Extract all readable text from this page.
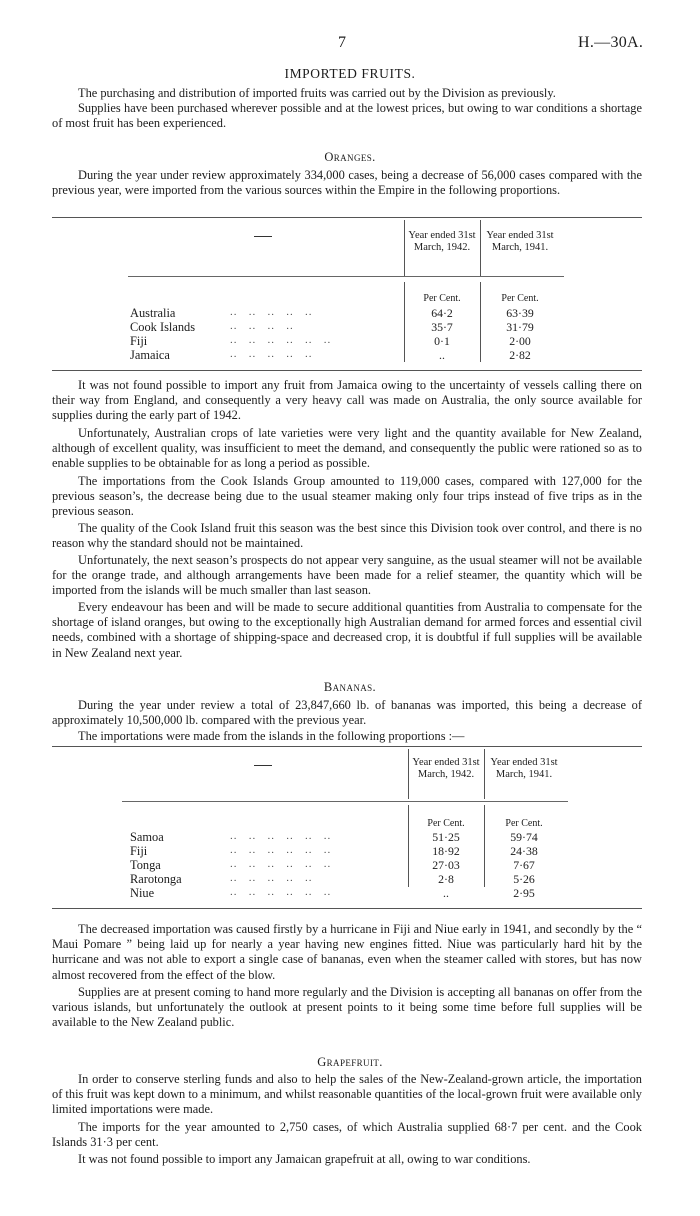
7	H.—30A.
IMPORTED FRUITS.
The purchasing and distribution of imported fruits was carried out by the Division as previously.
Supplies have been purchased wherever possible and at the lowest prices, but owing to war conditions a shortage of most fruit has been experienced.
Oranges.
During the year under review approximately 334,000 cases, being a decrease of 56,000 cases compared with the previous year, were imported from the various sources within the Empire in the following proportions.
Year ended 31st March, 1942.
Year ended 31st March, 1941.
Per Cent.	Per Cent.
Australia	..   ..   ..   ..   ..	64·2	63·39
Cook Islands	..   ..   ..   ..	35·7	31·79
Fiji	..   ..   ..   ..   ..   ..	0·1	2·00
Jamaica	..   ..   ..   ..   ..	..	2·82
It was not found possible to import any fruit from Jamaica owing to the uncertainty of vessels calling there on their way from England, and consequently a very heavy call was made on Australia, the only source available for supplies during the early part of 1942.
Unfortunately, Australian crops of late varieties were very light and the quantity available for New Zealand, although of excellent quality, was insufficient to meet the demand, and consequently the public were rationed so as to enable supplies to be obtainable for as long a period as possible.
The importations from the Cook Islands Group amounted to 119,000 cases, compared with 127,000 for the previous season’s, the decrease being due to the usual steamer making only four trips instead of five trips as in the previous season.
The quality of the Cook Island fruit this season was the best since this Division took over control, and there is no reason why the standard should not be maintained.
Unfortunately, the next season’s prospects do not appear very sanguine, as the usual steamer will not be available for the orange trade, and although arrangements have been made for a relief steamer, the quantity which will be imported from the islands will be much smaller than last season.
Every endeavour has been and will be made to secure additional quantities from Australia to compensate for the shortage of island oranges, but owing to the exceptionally high Australian demand for armed forces and essential civil needs, combined with a shortage of shipping-space and decreased crop, it is doubtful if full supplies will be available in New Zealand next year.
Bananas.
During the year under review a total of 23,847,660 lb. of bananas was imported, this being a decrease of approximately 10,500,000 lb. compared with the previous year.
The importations were made from the islands in the following proportions :—
Year ended 31st March, 1942.
Year ended 31st March, 1941.
Per Cent.	Per Cent.
Samoa	..   ..   ..   ..   ..   ..	51·25	59·74
Fiji	..   ..   ..   ..   ..   ..	18·92	24·38
Tonga	..   ..   ..   ..   ..   ..	27·03	7·67
Rarotonga	..   ..   ..   ..   ..	2·8	5·26
Niue	..   ..   ..   ..   ..   ..	..	2·95
The decreased importation was caused firstly by a hurricane in Fiji and Niue early in 1941, and secondly by the “ Maui Pomare ” being laid up for nearly a year having new engines fitted. Niue was particularly hard hit by the hurricane and was not able to export a single case of bananas, even when the steamer called with stores, but has now almost recovered from the effect of the blow.
Supplies are at present coming to hand more regularly and the Division is accepting all bananas on offer from the various islands, but unfortunately the outlook at present points to it being some time before full supplies will be available to the New Zealand public.
Grapefruit.
In order to conserve sterling funds and also to help the sales of the New-Zealand-grown article, the importation of this fruit was kept down to a minimum, and whilst reasonable quantities of the local-grown fruit were available only limited importations were made.
The imports for the year amounted to 2,750 cases, of which Australia supplied 68·7 per cent. and the Cook Islands 31·3 per cent.
It was not found possible to import any Jamaican grapefruit at all, owing to war conditions.
